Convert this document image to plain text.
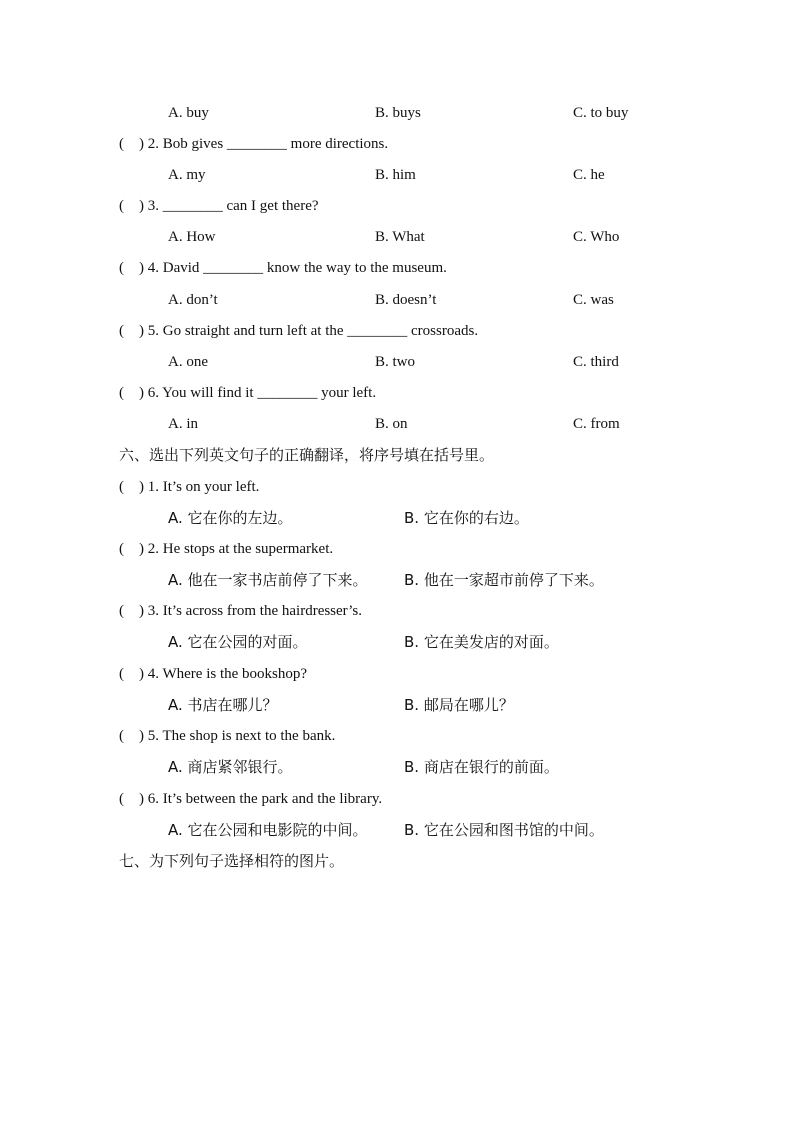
A. buy	B. buys	C. to buy
(　) 2. Bob gives ________ more directions.
A. my	B. him	C. he
(　) 3. ________ can I get there?
A. How	B. What	C. Who
(　) 4. David ________ know the way to the museum.
A. don’t	B. doesn’t	C. was
(　) 5. Go straight and turn left at the ________ crossroads.
A. one	B. two	C. third
(　) 6. You will find it ________ your left.
A. in	B. on	C. from
六、选出下列英文句子的正确翻译，将序号填在括号里。
(　) 1. It’s on your left.
A. 它在你的左边。	B. 它在你的右边。
(　) 2. He stops at the supermarket.
A. 他在一家书店前停了下来。 B. 他在一家超市前停了下来。
(　) 3. It’s across from the hairdresser’s.
A. 它在公园的对面。	B. 它在美发店的对面。
(　) 4. Where is the bookshop?
A. 书店在哪儿？	B. 邮局在哪儿？
(　) 5. The shop is next to the bank.
A. 商店紧邻银行。	B. 商店在银行的前面。
(　) 6. It’s between the park and the library.
A. 它在公园和电影院的中间。 B. 它在公园和图书馆的中间。
七、为下列句子选择相符的图片。
